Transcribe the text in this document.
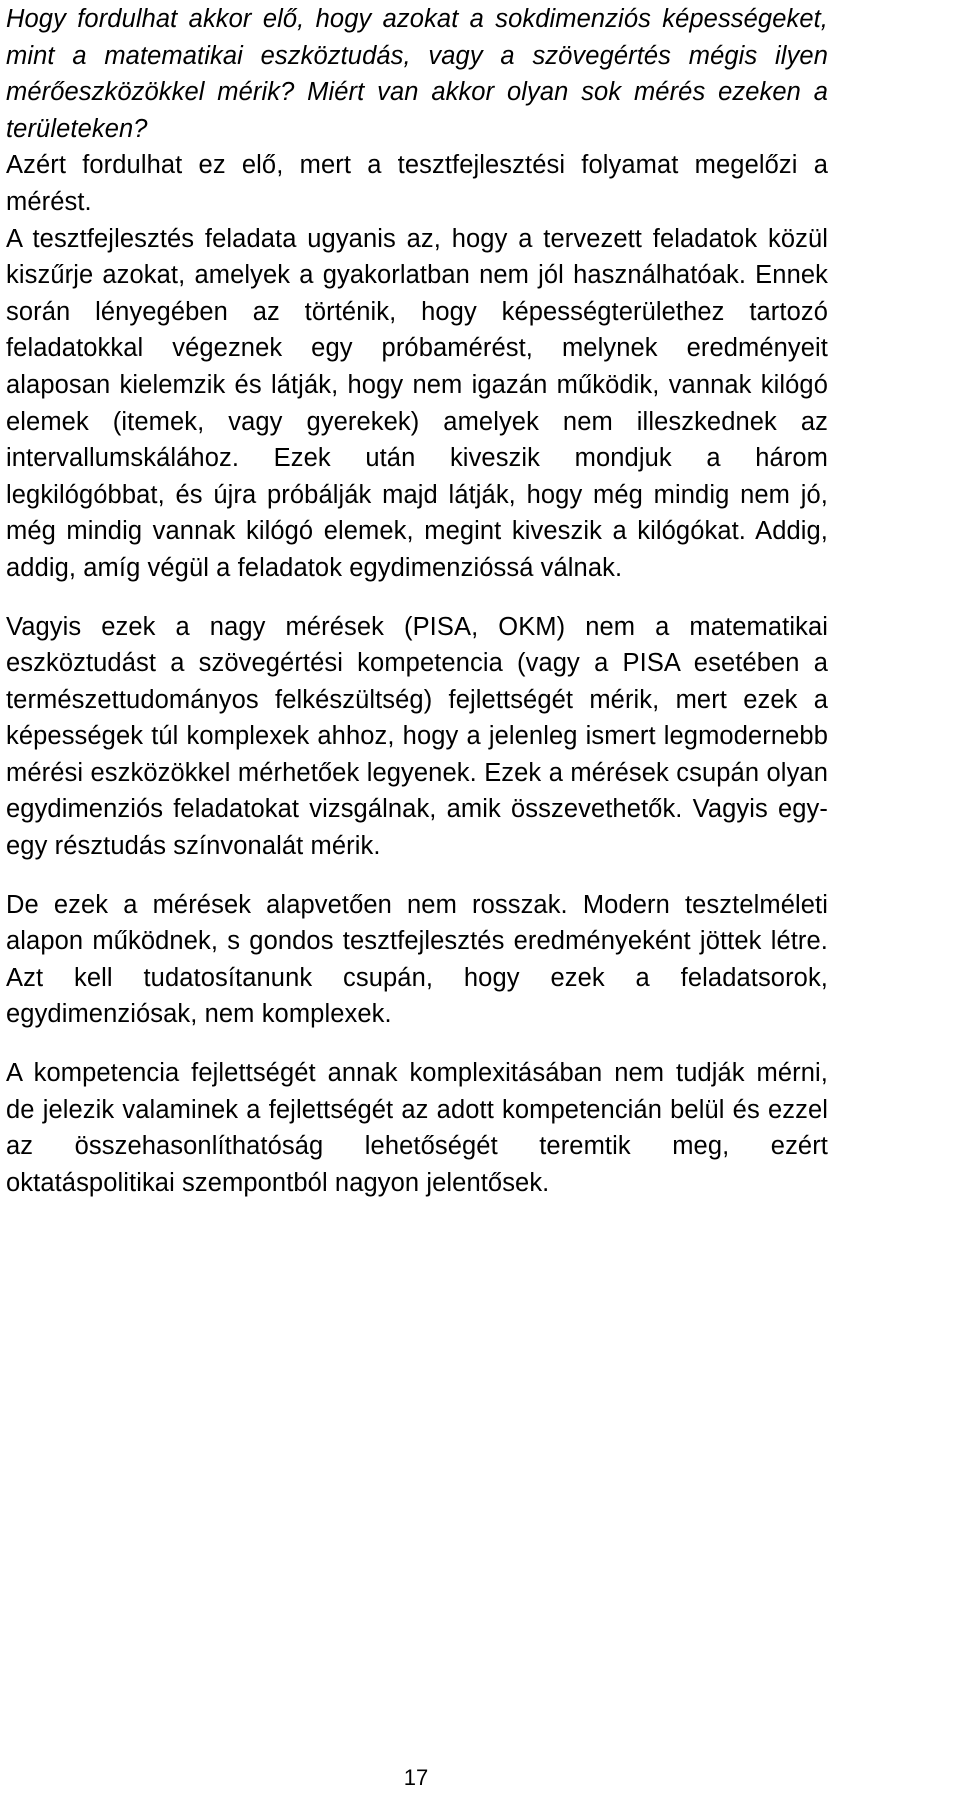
Hogy fordulhat akkor elő, hogy azokat a sokdimenziós képességeket, mint a matematikai eszköztudás, vagy a szövegértés mégis ilyen mérőeszközökkel mérik? Miért van akkor olyan sok mérés ezeken a területeken?

Azért fordulhat ez elő, mert a tesztfejlesztési folyamat megelőzi a mérést.

A tesztfejlesztés feladata ugyanis az, hogy a tervezett feladatok közül kiszűrje azokat, amelyek a gyakorlatban nem jól használhatóak. Ennek során lényegében az történik, hogy képességterülethez tartozó feladatokkal végeznek egy próbamérést, melynek eredményeit alaposan kielemzik és látják, hogy nem igazán működik, vannak kilógó elemek (itemek, vagy gyerekek) amelyek nem illeszkednek az intervallumskálához. Ezek után kiveszik mondjuk a három legkilógóbbat, és újra próbálják majd látják, hogy még mindig nem jó, még mindig vannak kilógó elemek, megint kiveszik a kilógókat. Addig, addig, amíg végül a feladatok egydimenzióssá válnak.

Vagyis ezek a nagy mérések (PISA, OKM) nem a matematikai eszköztudást a szövegértési kompetencia (vagy a PISA esetében a természettudományos felkészültség) fejlettségét mérik, mert ezek a képességek túl komplexek ahhoz, hogy a jelenleg ismert legmodernebb mérési eszközökkel mérhetőek legyenek. Ezek a mérések csupán olyan egydimenziós feladatokat vizsgálnak, amik összevethetők. Vagyis egy-egy résztudás színvonalát mérik.

De ezek a mérések alapvetően nem rosszak. Modern tesztelméleti alapon működnek, s gondos tesztfejlesztés eredményeként jöttek létre. Azt kell tudatosítanunk csupán, hogy ezek a feladatsorok, egydimenziósak, nem komplexek.

A kompetencia fejlettségét annak komplexitásában nem tudják mérni, de jelezik valaminek a fejlettségét az adott kompetencián belül és ezzel az összehasonlíthatóság lehetőségét teremtik meg, ezért oktatáspolitikai szempontból nagyon jelentősek.

17
